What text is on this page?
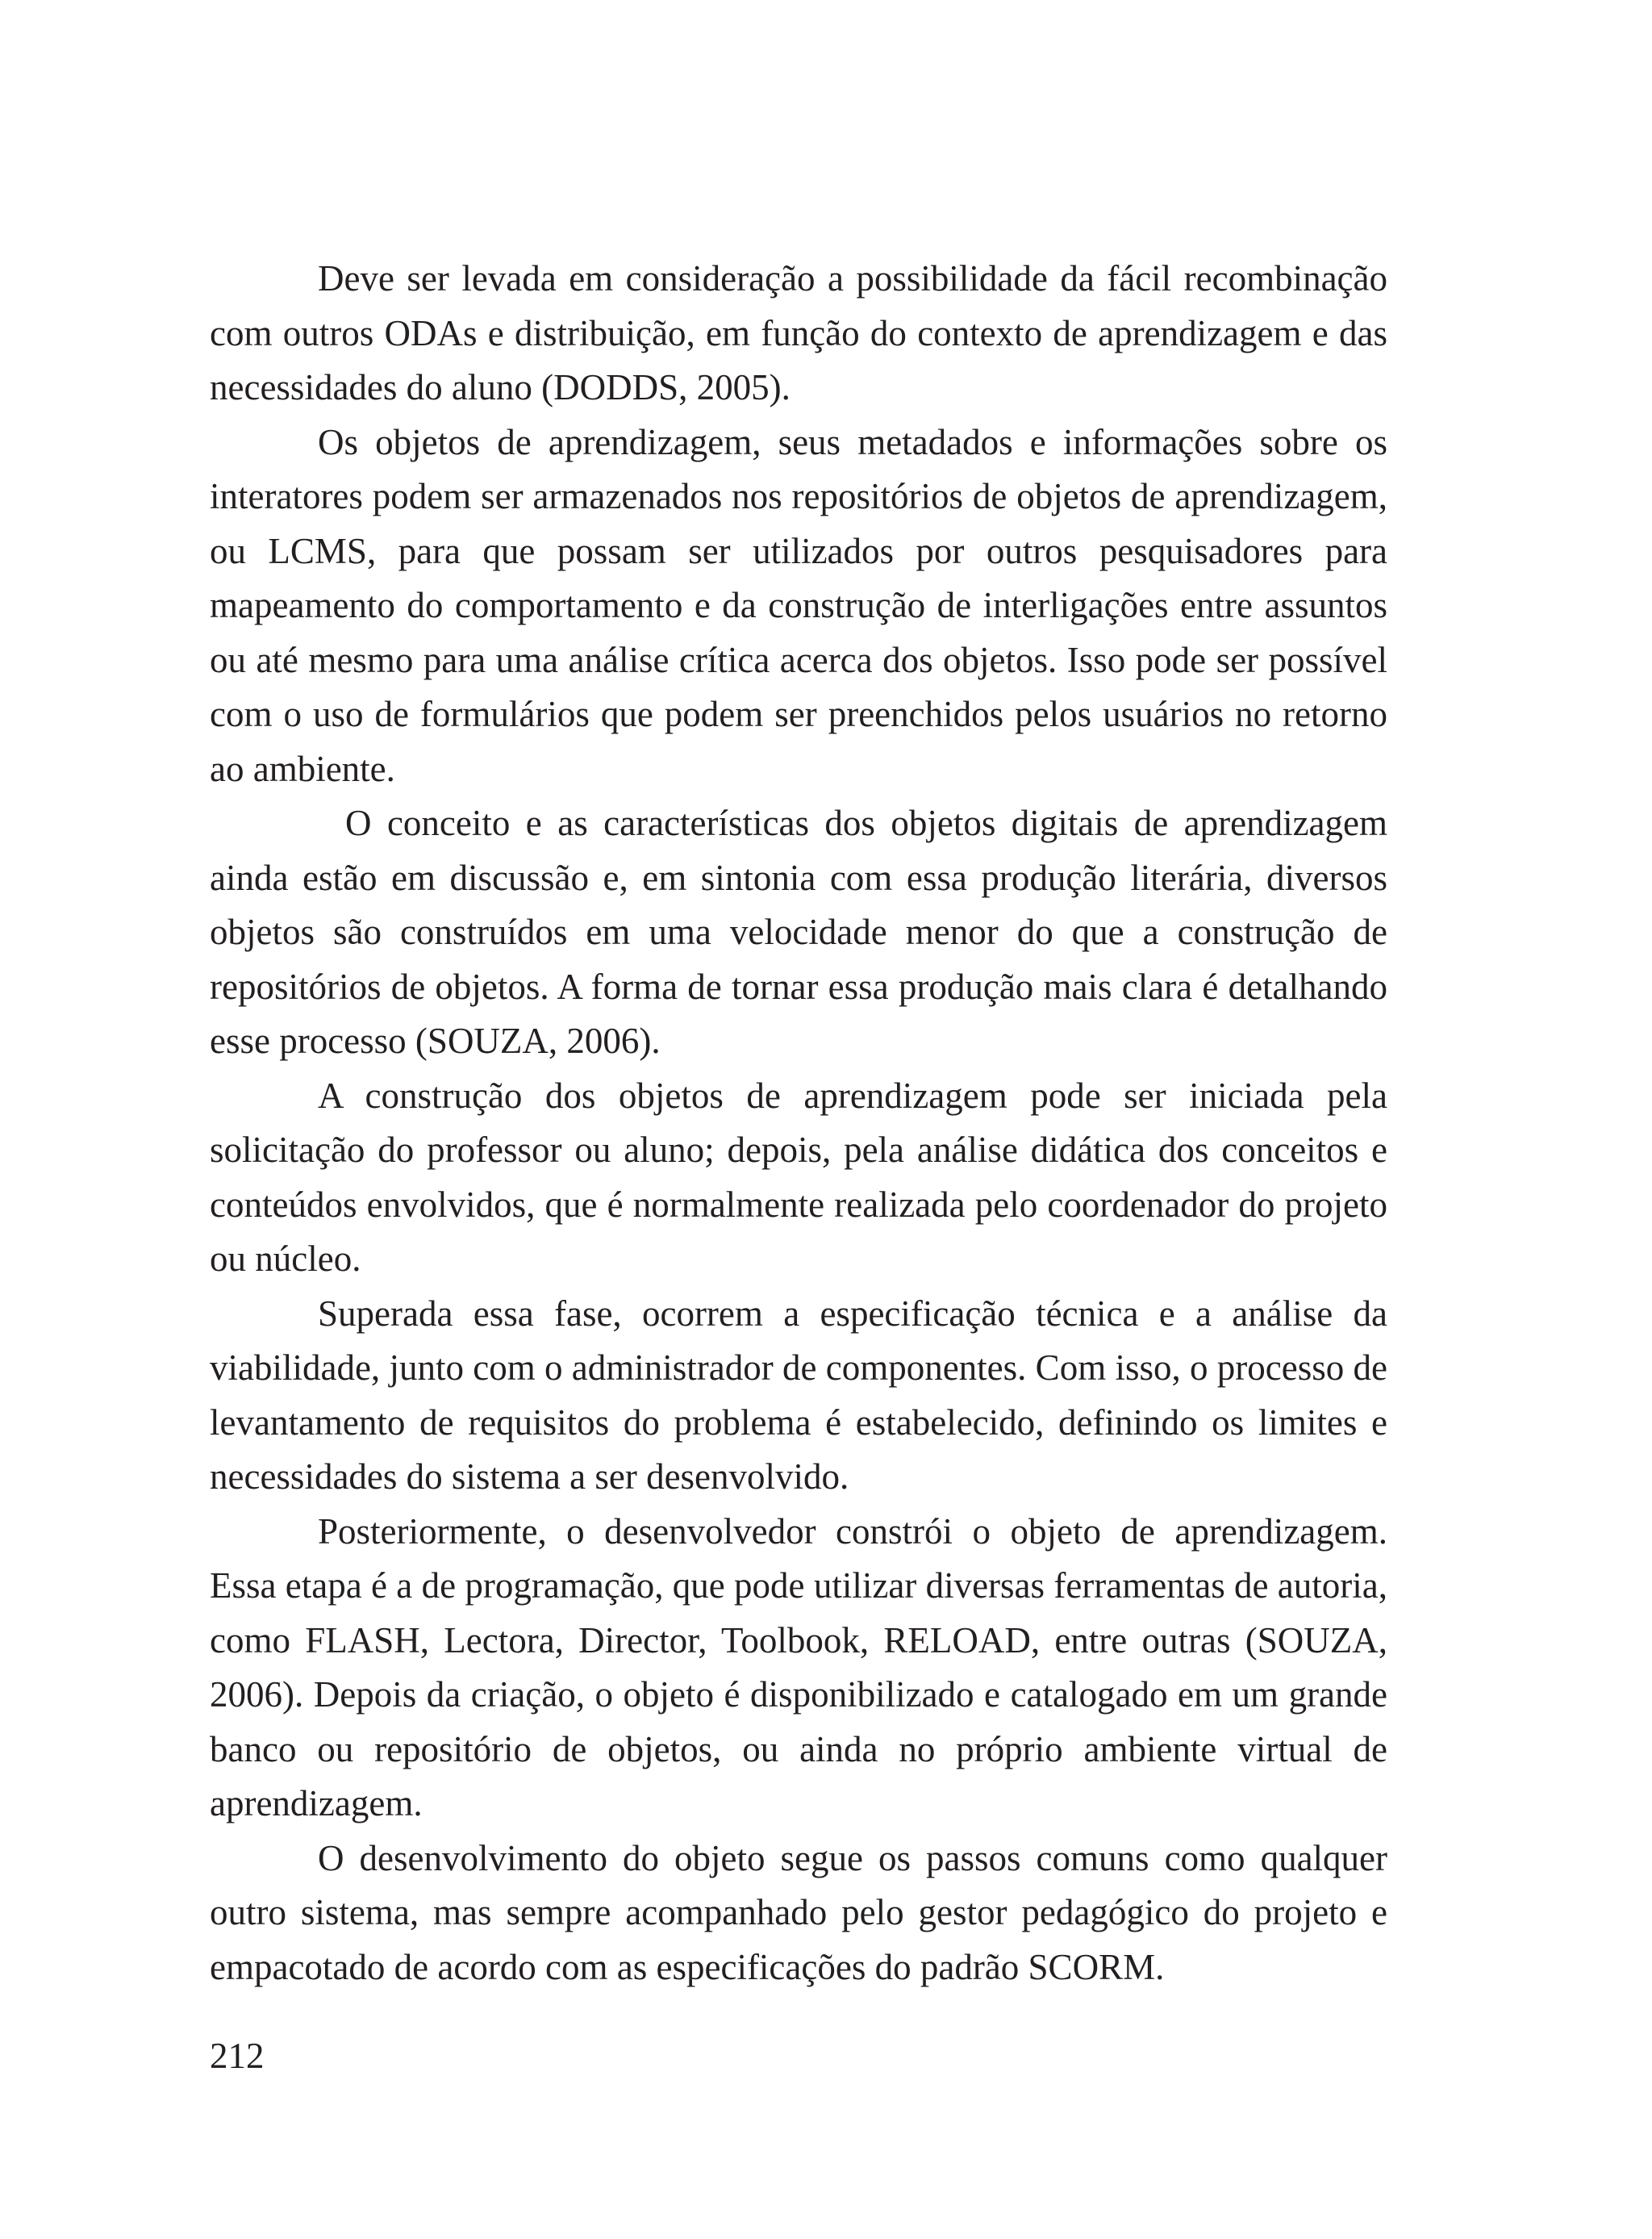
Deve ser levada em consideração a possibilidade da fácil recombinação com outros ODAs e distribuição, em função do contexto de aprendizagem e das necessidades do aluno (DODDS, 2005).

Os objetos de aprendizagem, seus metadados e informações sobre os interatores podem ser armazenados nos repositórios de objetos de aprendizagem, ou LCMS, para que possam ser utilizados por outros pesquisadores para mapeamento do comportamento e da construção de interligações entre assuntos ou até mesmo para uma análise crítica acerca dos objetos. Isso pode ser possível com o uso de formulários que podem ser preenchidos pelos usuários no retorno ao ambiente.

O conceito e as características dos objetos digitais de aprendizagem ainda estão em discussão e, em sintonia com essa produção literária, diversos objetos são construídos em uma velocidade menor do que a construção de repositórios de objetos. A forma de tornar essa produção mais clara é detalhando esse processo (SOUZA, 2006).

A construção dos objetos de aprendizagem pode ser iniciada pela solicitação do professor ou aluno; depois, pela análise didática dos conceitos e conteúdos envolvidos, que é normalmente realizada pelo coordenador do projeto ou núcleo.

Superada essa fase, ocorrem a especificação técnica e a análise da viabilidade, junto com o administrador de componentes. Com isso, o processo de levantamento de requisitos do problema é estabelecido, definindo os limites e necessidades do sistema a ser desenvolvido.

Posteriormente, o desenvolvedor constrói o objeto de aprendizagem. Essa etapa é a de programação, que pode utilizar diversas ferramentas de autoria, como FLASH, Lectora, Director, Toolbook, RELOAD, entre outras (SOUZA, 2006). Depois da criação, o objeto é disponibilizado e catalogado em um grande banco ou repositório de objetos, ou ainda no próprio ambiente virtual de aprendizagem.

O desenvolvimento do objeto segue os passos comuns como qualquer outro sistema, mas sempre acompanhado pelo gestor pedagógico do projeto e empacotado de acordo com as especificações do padrão SCORM.

212
